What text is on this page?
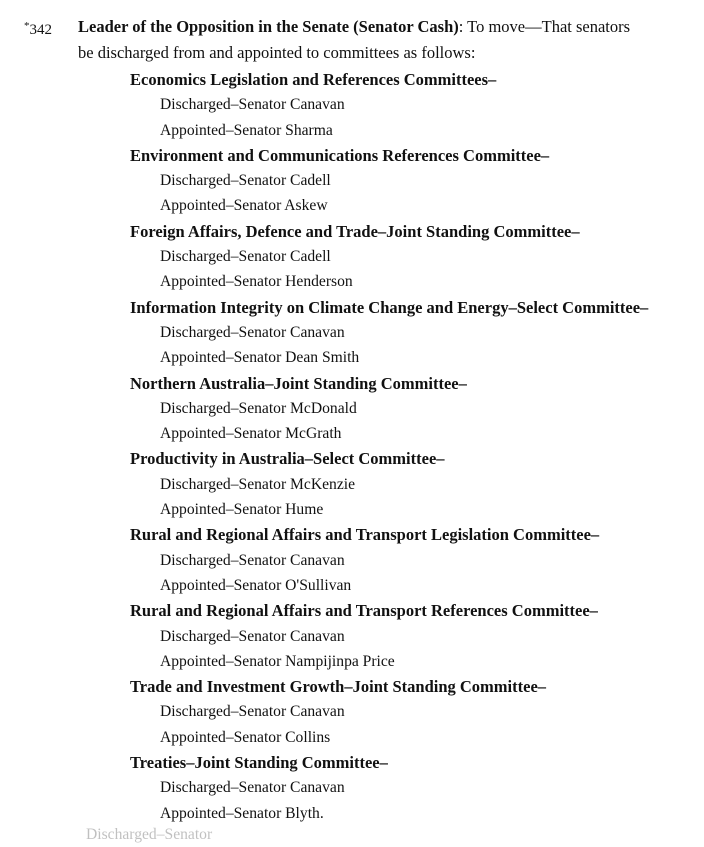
*342	Leader of the Opposition in the Senate (Senator Cash): To move—That senators be discharged from and appointed to committees as follows:

Economics Legislation and References Committees–
Discharged–Senator Canavan
Appointed–Senator Sharma
Environment and Communications References Committee–
Discharged–Senator Cadell
Appointed–Senator Askew
Foreign Affairs, Defence and Trade–Joint Standing Committee–
Discharged–Senator Cadell
Appointed–Senator Henderson
Information Integrity on Climate Change and Energy–Select Committee–
Discharged–Senator Canavan
Appointed–Senator Dean Smith
Northern Australia–Joint Standing Committee–
Discharged–Senator McDonald
Appointed–Senator McGrath
Productivity in Australia–Select Committee–
Discharged–Senator McKenzie
Appointed–Senator Hume
Rural and Regional Affairs and Transport Legislation Committee–
Discharged–Senator Canavan
Appointed–Senator O'Sullivan
Rural and Regional Affairs and Transport References Committee–
Discharged–Senator Canavan
Appointed–Senator Nampijinpa Price
Trade and Investment Growth–Joint Standing Committee–
Discharged–Senator Canavan
Appointed–Senator Collins
Treaties–Joint Standing Committee–
Discharged–Senator Canavan
Appointed–Senator Blyth.
Discharged–Senator
